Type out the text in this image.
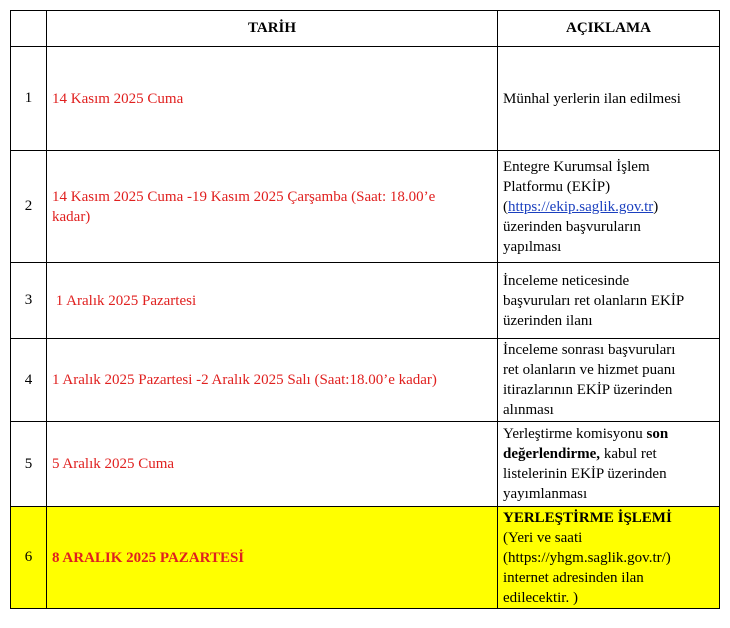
	TARİH	AÇIKLAMA
1	14 Kasım 2025 Cuma	Münhal yerlerin ilan edilmesi

2	14 Kasım 2025 Cuma -19 Kasım 2025 Çarşamba (Saat: 18.00’e
kadar)	Entegre Kurumsal İşlem
Platformu (EKİP)
(https://ekip.saglik.gov.tr)
üzerinden başvuruların
yapılması

3	1 Aralık 2025 Pazartesi	İnceleme neticesinde
başvuruları ret olanların EKİP
üzerinden ilanı

4	1 Aralık 2025 Pazartesi -2 Aralık 2025 Salı (Saat:18.00’e kadar)	İnceleme sonrası başvuruları
ret olanların ve hizmet puanı
itirazlarının EKİP üzerinden
alınması

5	5 Aralık 2025 Cuma	Yerleştirme komisyonu son
değerlendirme, kabul ret
listelerinin EKİP üzerinden
yayımlanması

6	8 ARALIK 2025 PAZARTESİ	YERLEŞTİRME İŞLEMİ
(Yeri ve saati
(https://yhgm.saglik.gov.tr/)
internet adresinden ilan
edilecektir. )
